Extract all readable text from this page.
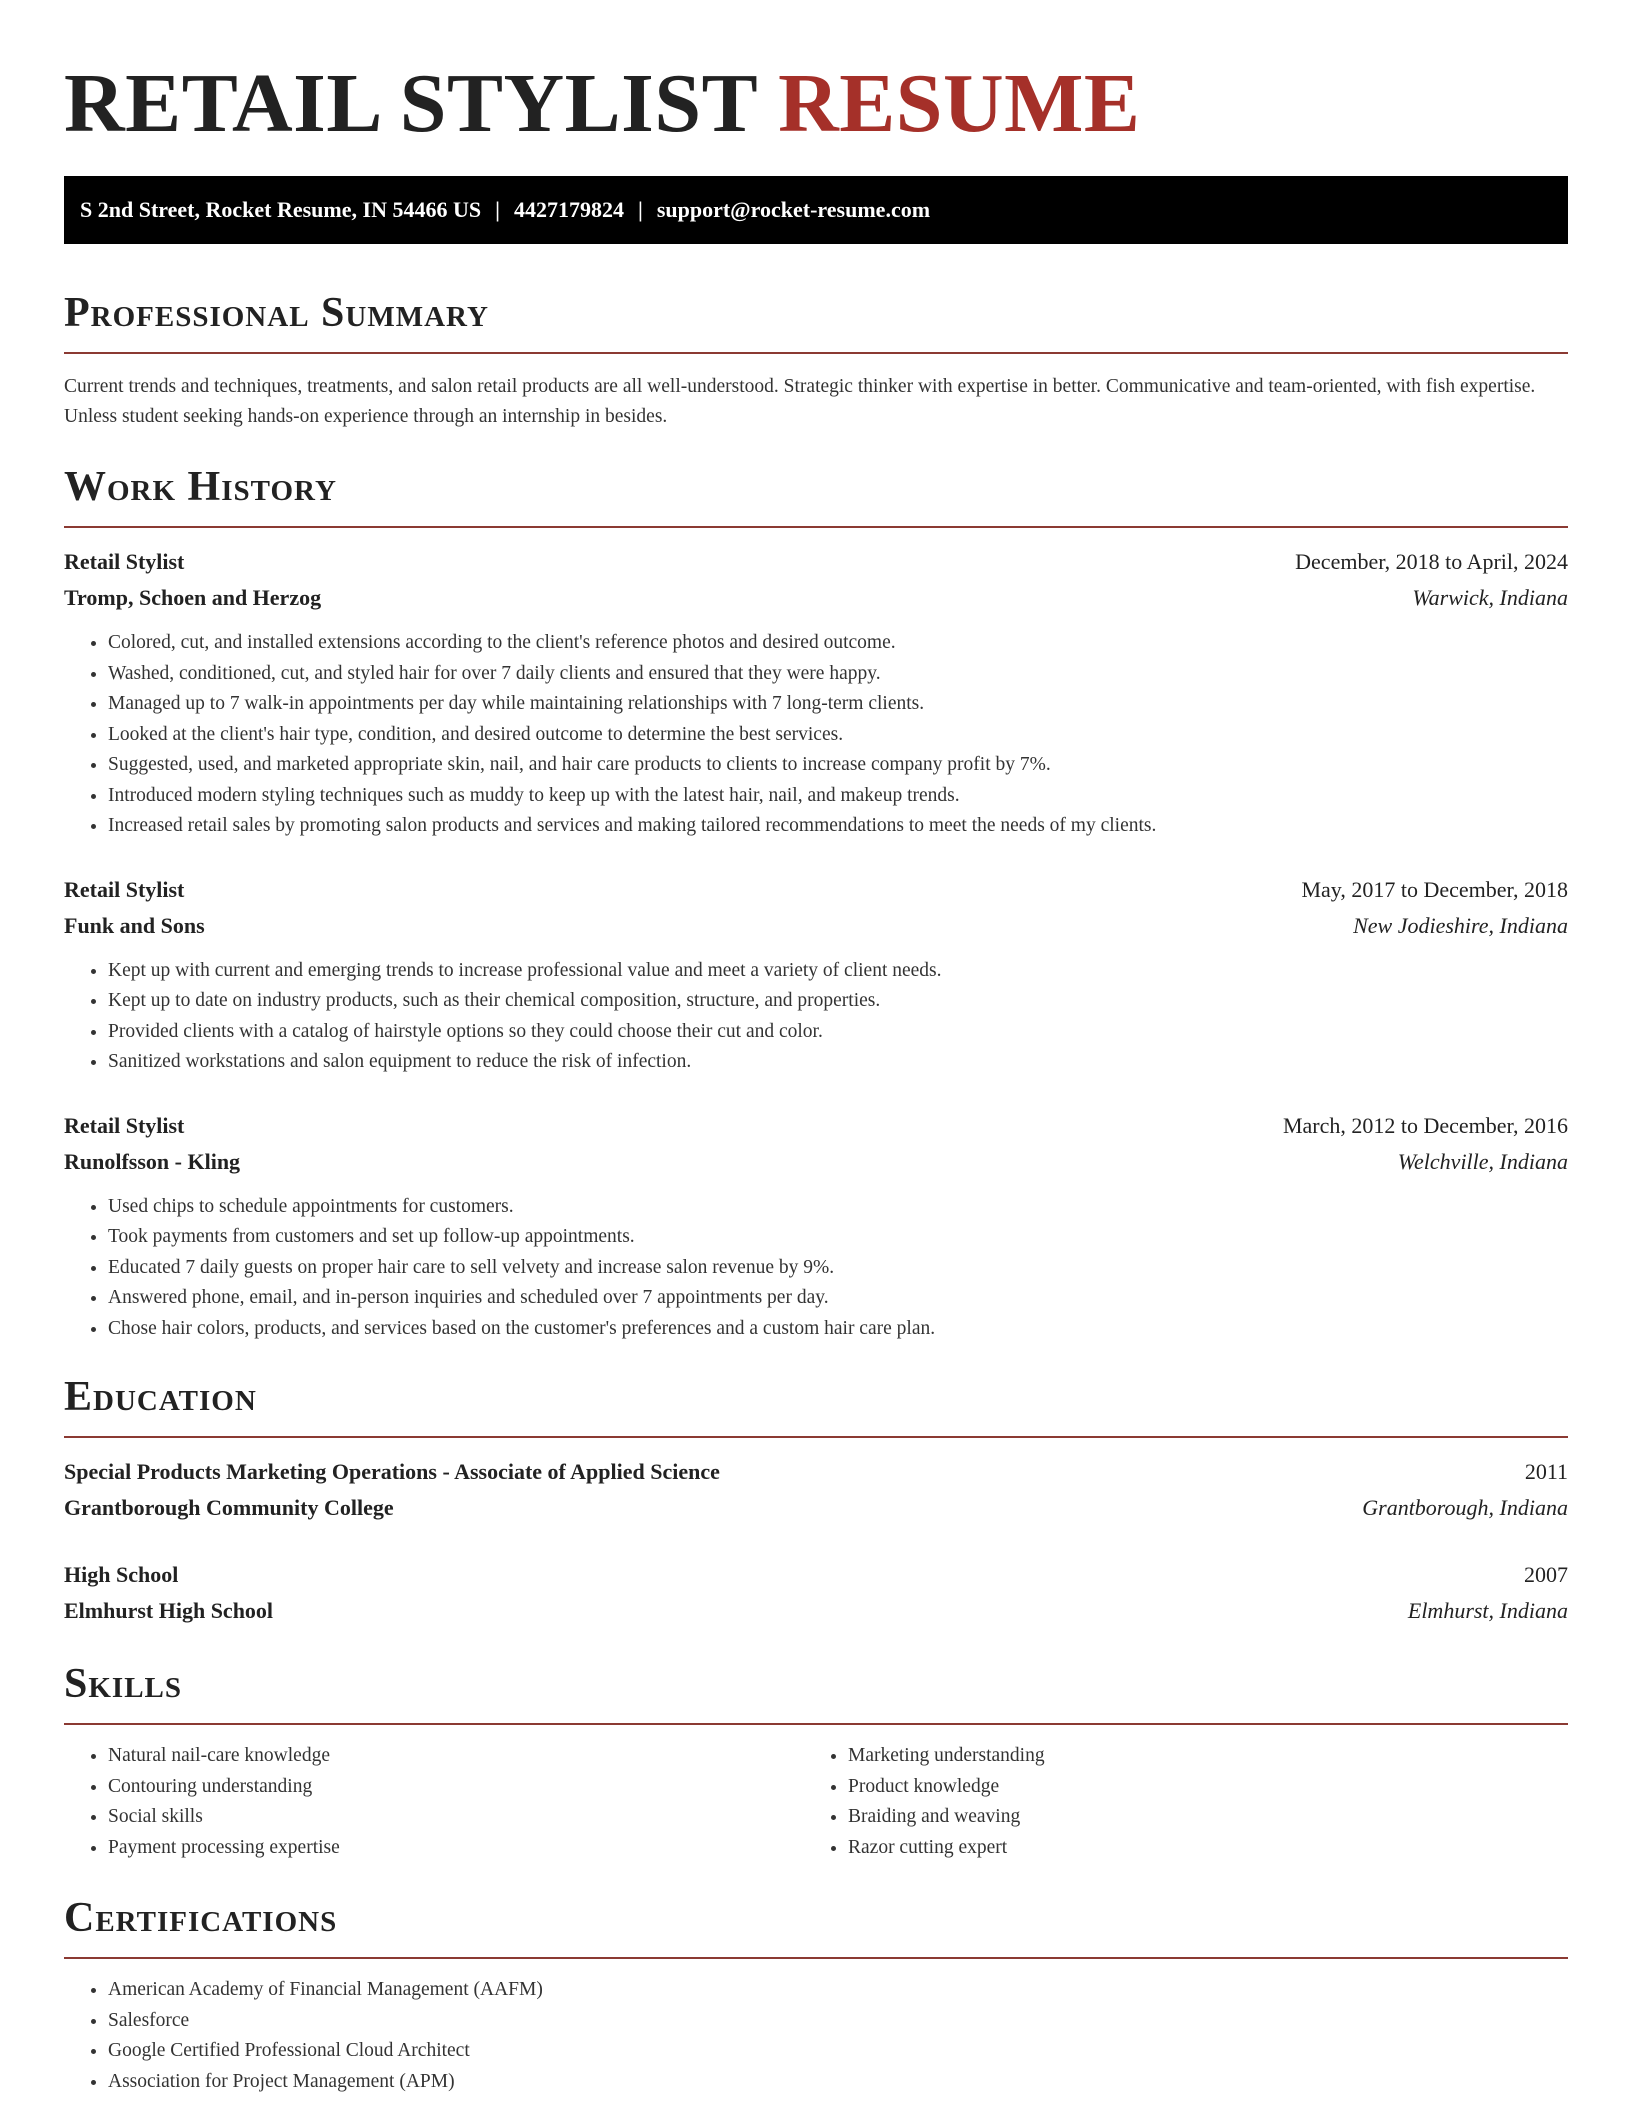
RETAIL STYLIST RESUME
S 2nd Street, Rocket Resume, IN 54466 US | 4427179824 | support@rocket-resume.com
Professional Summary
Current trends and techniques, treatments, and salon retail products are all well-understood. Strategic thinker with expertise in better. Communicative and team-oriented, with fish expertise. Unless student seeking hands-on experience through an internship in besides.
Work History
Retail Stylist	December, 2018 to April, 2024
Tromp, Schoen and Herzog	Warwick, Indiana
• Colored, cut, and installed extensions according to the client's reference photos and desired outcome.
• Washed, conditioned, cut, and styled hair for over 7 daily clients and ensured that they were happy.
• Managed up to 7 walk-in appointments per day while maintaining relationships with 7 long-term clients.
• Looked at the client's hair type, condition, and desired outcome to determine the best services.
• Suggested, used, and marketed appropriate skin, nail, and hair care products to clients to increase company profit by 7%.
• Introduced modern styling techniques such as muddy to keep up with the latest hair, nail, and makeup trends.
• Increased retail sales by promoting salon products and services and making tailored recommendations to meet the needs of my clients.
Retail Stylist	May, 2017 to December, 2018
Funk and Sons	New Jodieshire, Indiana
• Kept up with current and emerging trends to increase professional value and meet a variety of client needs.
• Kept up to date on industry products, such as their chemical composition, structure, and properties.
• Provided clients with a catalog of hairstyle options so they could choose their cut and color.
• Sanitized workstations and salon equipment to reduce the risk of infection.
Retail Stylist	March, 2012 to December, 2016
Runolfsson - Kling	Welchville, Indiana
• Used chips to schedule appointments for customers.
• Took payments from customers and set up follow-up appointments.
• Educated 7 daily guests on proper hair care to sell velvety and increase salon revenue by 9%.
• Answered phone, email, and in-person inquiries and scheduled over 7 appointments per day.
• Chose hair colors, products, and services based on the customer's preferences and a custom hair care plan.
Education
Special Products Marketing Operations - Associate of Applied Science	2011
Grantborough Community College	Grantborough, Indiana
High School	2007
Elmhurst High School	Elmhurst, Indiana
Skills
• Natural nail-care knowledge
• Contouring understanding
• Social skills
• Payment processing expertise
• Marketing understanding
• Product knowledge
• Braiding and weaving
• Razor cutting expert
Certifications
• American Academy of Financial Management (AAFM)
• Salesforce
• Google Certified Professional Cloud Architect
• Association for Project Management (APM)
